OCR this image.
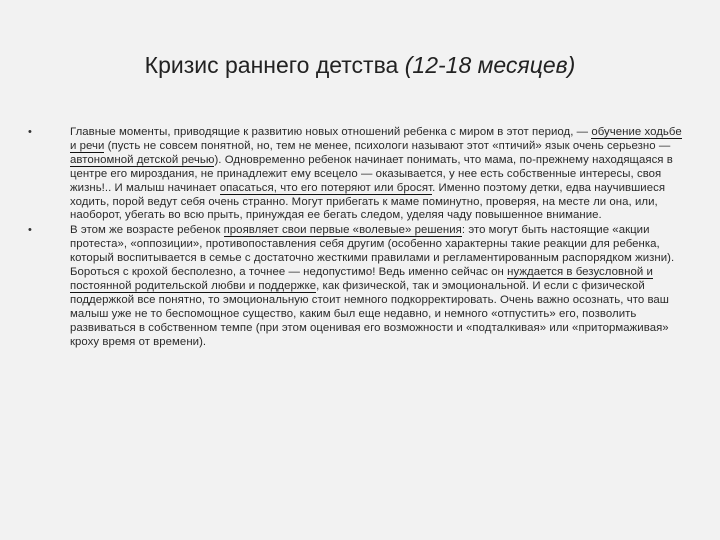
Кризис раннего детства (12-18 месяцев)
•	Главные моменты, приводящие к развитию новых отношений ребенка с миром в этот период, — обучение ходьбе и речи (пусть не совсем понятной, но, тем не менее, психологи называют этот «птичий» язык очень серьезно — автономной детской речью). Одновременно ребенок начинает понимать, что мама, по-прежнему находящаяся в центре его мироздания, не принадлежит ему всецело — оказывается, у нее есть собственные интересы, своя жизнь!.. И малыш начинает опасаться, что его потеряют или бросят. Именно поэтому детки, едва научившиеся ходить, порой ведут себя очень странно. Могут прибегать к маме поминутно, проверяя, на месте ли она, или, наоборот, убегать во всю прыть, принуждая ее бегать следом, уделяя чаду повышенное внимание.
•	В этом же возрасте ребенок проявляет свои первые «волевые» решения: это могут быть настоящие «акции протеста», «оппозиции», противопоставления себя другим (особенно характерны такие реакции для ребенка, который воспитывается в семье с достаточно жесткими правилами и регламентированным распорядком жизни). Бороться с крохой бесполезно, а точнее — недопустимо! Ведь именно сейчас он нуждается в безусловной и постоянной родительской любви и поддержке, как физической, так и эмоциональной. И если с физической поддержкой все понятно, то эмоциональную стоит немного подкорректировать. Очень важно осознать, что ваш малыш уже не то беспомощное существо, каким был еще недавно, и немного «отпустить» его, позволить развиваться в собственном темпе (при этом оценивая его возможности и «подталкивая» или «притормаживая» кроху время от времени).
